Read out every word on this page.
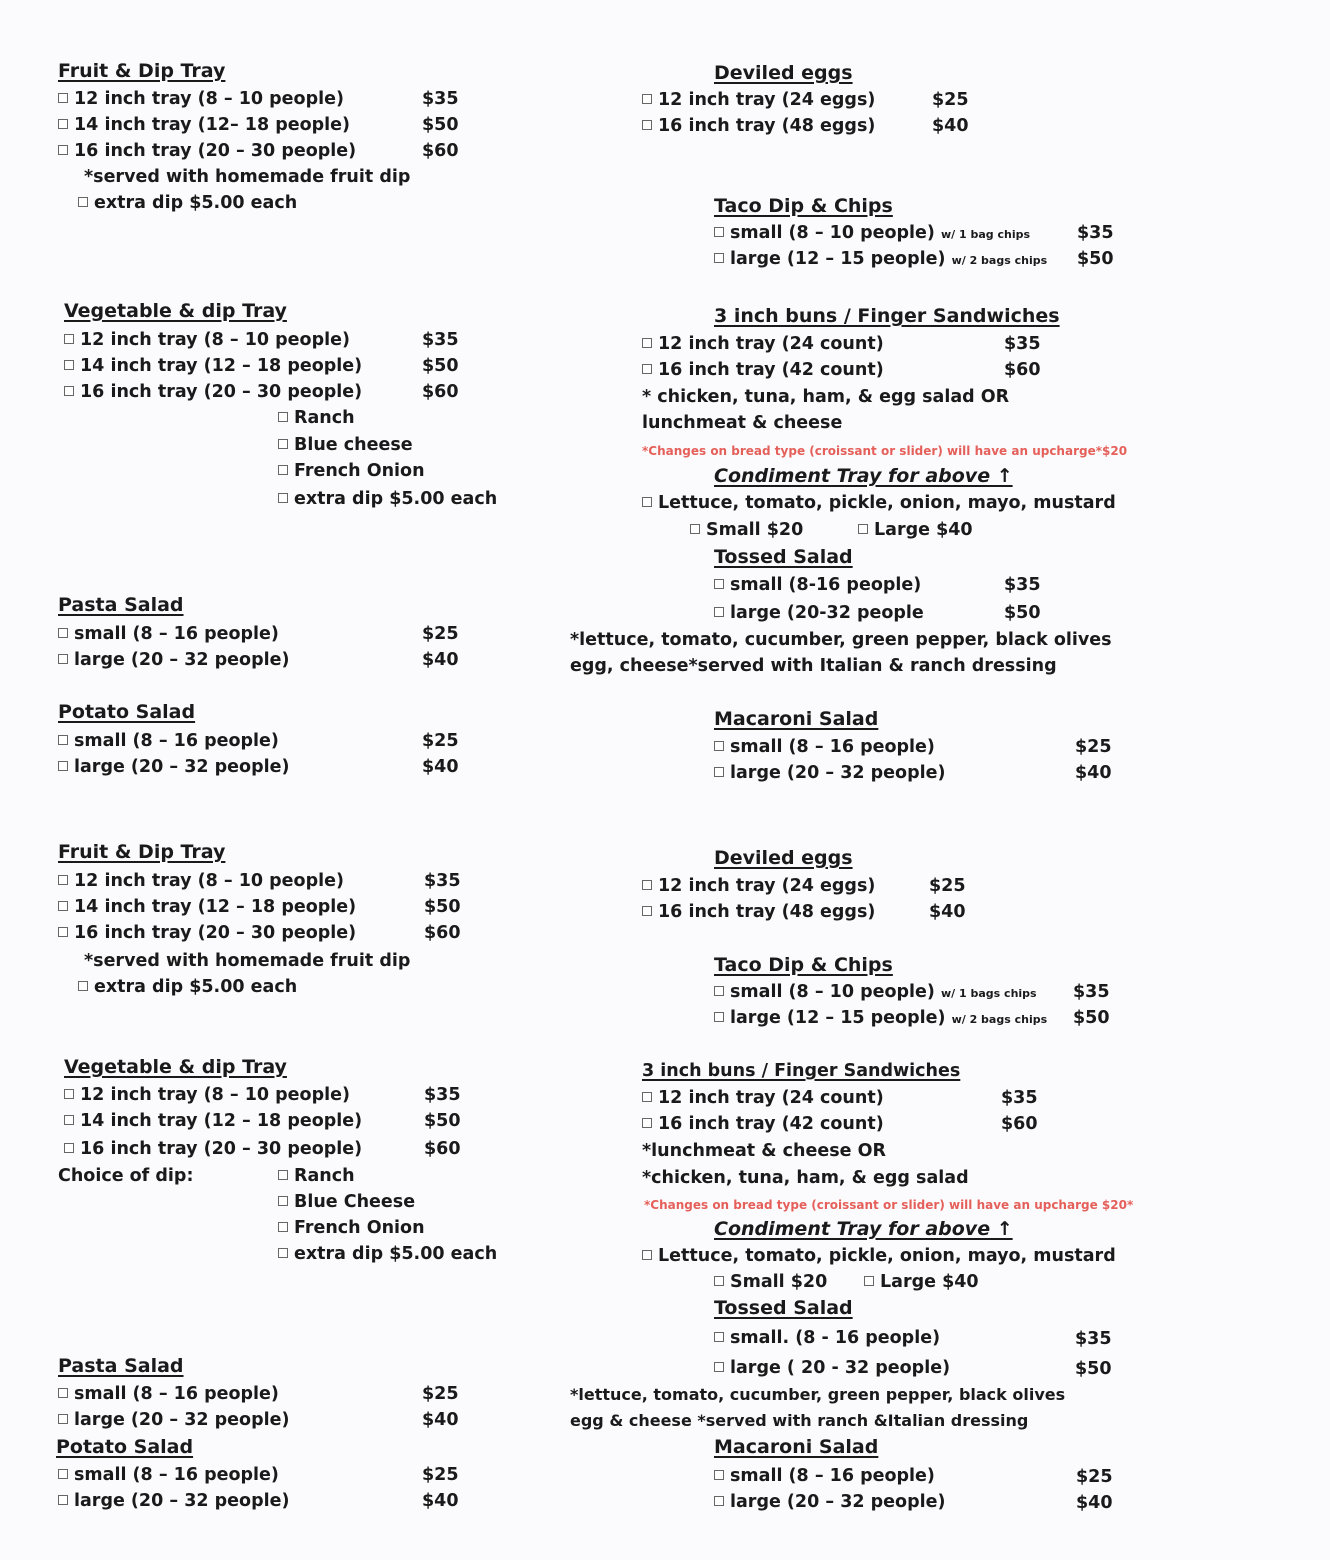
Fruit & Dip Tray
12 inch tray (8 – 10 people)	$35
14 inch tray (12– 18 people)	$50
16 inch tray (20 – 30 people)	$60
*served with homemade fruit dip
extra dip $5.00 each
Vegetable & dip Tray
12 inch tray (8 – 10 people)	$35
14 inch tray (12 – 18 people)	$50
16 inch tray (20 – 30 people)	$60
Ranch
Blue cheese
French Onion
extra dip $5.00 each
Pasta Salad
small (8 – 16 people)	$25
large (20 – 32 people)	$40
Potato Salad
small (8 – 16 people)	$25
large (20 – 32 people)	$40
Deviled eggs
12 inch tray (24 eggs)	$25
16 inch tray (48 eggs)	$40
Taco Dip & Chips
small (8 – 10 people) w/ 1 bag chips	$35
large (12 – 15 people) w/ 2 bags chips $50
3 inch buns / Finger Sandwiches
12 inch tray (24 count)	$35
16 inch tray (42 count)	$60
* chicken, tuna, ham, & egg salad OR
lunchmeat & cheese
*Changes on bread type (croissant or slider) will have an upcharge*$20
Condiment Tray for above ↑
Lettuce, tomato, pickle, onion, mayo, mustard
Small $20	Large $40
Tossed Salad
small (8-16 people)	$35
large (20-32 people	$50
*lettuce, tomato, cucumber, green pepper, black olives
egg, cheese*served with Italian & ranch dressing
Macaroni Salad
small (8 – 16 people)	$25
large (20 – 32 people)	$40
Fruit & Dip Tray
12 inch tray (8 – 10 people)	$35
14 inch tray (12 – 18 people)	$50
16 inch tray (20 – 30 people)	$60
*served with homemade fruit dip
extra dip $5.00 each
Vegetable & dip Tray
12 inch tray (8 – 10 people)	$35
14 inch tray (12 – 18 people)	$50
16 inch tray (20 – 30 people)	$60
Choice of dip:	Ranch
Blue Cheese
French Onion
extra dip $5.00 each
Pasta Salad
small (8 – 16 people)	$25
large (20 – 32 people)	$40
Potato Salad
small (8 – 16 people)	$25
large (20 – 32 people)	$40
Deviled eggs
12 inch tray (24 eggs)	$25
16 inch tray (48 eggs)	$40
Taco Dip & Chips
small (8 – 10 people) w/ 1 bags chips $35
large (12 – 15 people) w/ 2 bags chips $50
3 inch buns / Finger Sandwiches
12 inch tray (24 count)	$35
16 inch tray (42 count)	$60
*lunchmeat & cheese OR
*chicken, tuna, ham, & egg salad
*Changes on bread type (croissant or slider) will have an upcharge $20*
Condiment Tray for above ↑
Lettuce, tomato, pickle, onion, mayo, mustard
Small $20	Large $40
Tossed Salad
small. (8 - 16 people)	$35
large ( 20 - 32 people)	$50
*lettuce, tomato, cucumber, green pepper, black olives
egg & cheese *served with ranch &Italian dressing
Macaroni Salad
small (8 – 16 people)	$25
large (20 – 32 people)	$40
